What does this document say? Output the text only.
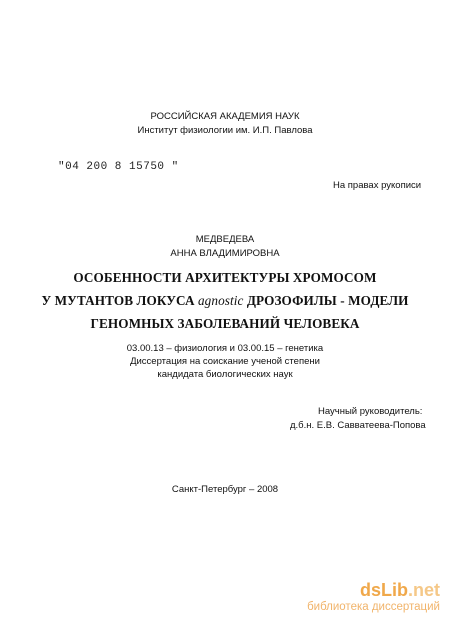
РОССИЙСКАЯ АКАДЕМИЯ НАУК
Институт физиологии им. И.П. Павлова
"04 200 8 15750 "
На правах рукописи
МЕДВЕДЕВА
АННА ВЛАДИМИРОВНА
ОСОБЕННОСТИ АРХИТЕКТУРЫ ХРОМОСОМ
У МУТАНТОВ ЛОКУСА agnostic ДРОЗОФИЛЫ - МОДЕЛИ
ГЕНОМНЫХ ЗАБОЛЕВАНИЙ ЧЕЛОВЕКА
03.00.13 – физиология и 03.00.15 – генетика
Диссертация на соискание ученой степени
кандидата биологических наук
Научный руководитель:
д.б.н. Е.В. Савватеева-Попова
Санкт-Петербург – 2008
dsLib.net
библиотека диссертаций
